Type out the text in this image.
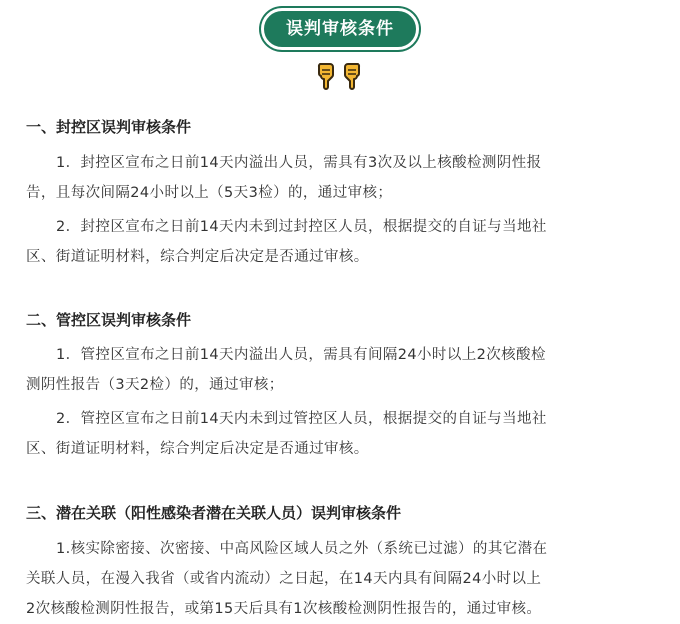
误判审核条件
一、封控区误判审核条件
1．封控区宣布之日前14天内溢出人员，需具有3次及以上核酸检测阴性报
告，且每次间隔24小时以上（5天3检）的，通过审核；
2．封控区宣布之日前14天内未到过封控区人员，根据提交的自证与当地社
区、街道证明材料，综合判定后决定是否通过审核。
二、管控区误判审核条件
1．管控区宣布之日前14天内溢出人员，需具有间隔24小时以上2次核酸检
测阴性报告（3天2检）的，通过审核；
2．管控区宣布之日前14天内未到过管控区人员，根据提交的自证与当地社
区、街道证明材料，综合判定后决定是否通过审核。
三、潜在关联（阳性感染者潜在关联人员）误判审核条件
1.核实除密接、次密接、中高风险区域人员之外（系统已过滤）的其它潜在
关联人员，在漫入我省（或省内流动）之日起，在14天内具有间隔24小时以上
2次核酸检测阴性报告，或第15天后具有1次核酸检测阴性报告的，通过审核。
